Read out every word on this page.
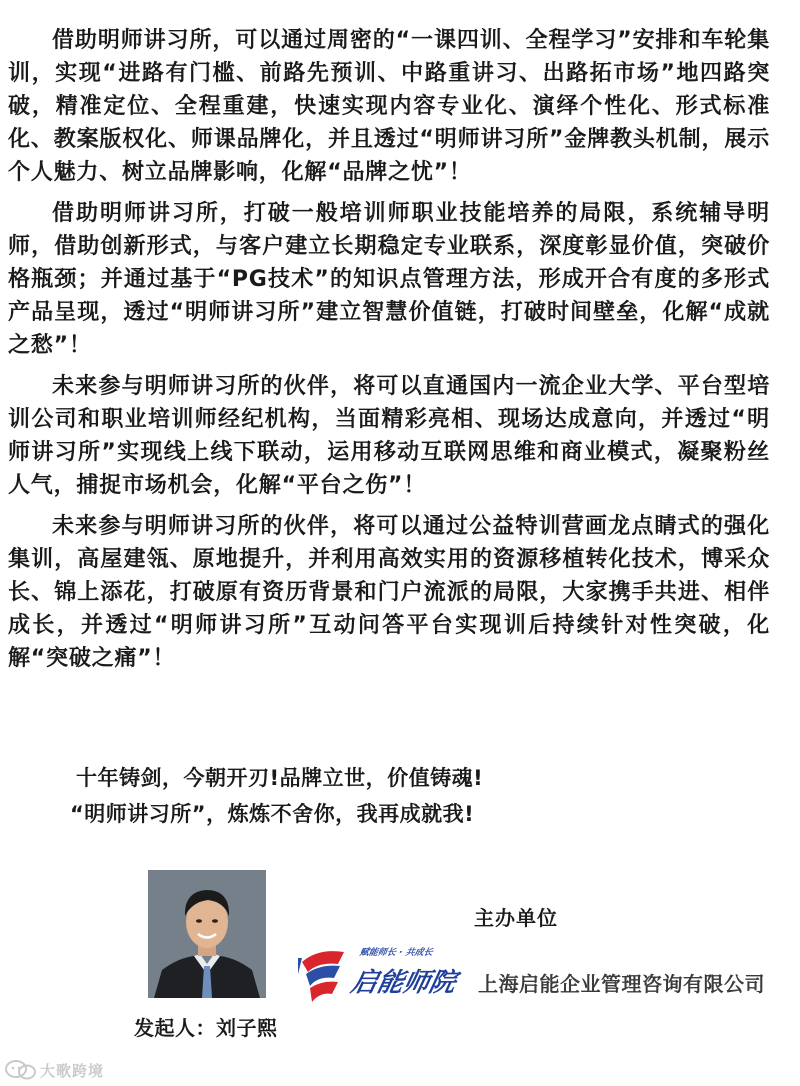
借助明师讲习所，可以通过周密的“一课四训、全程学习”安排和车轮集训，实现“进路有门槛、前路先预训、中路重讲习、出路拓市场”地四路突破，精准定位、全程重建，快速实现内容专业化、演绎个性化、形式标准化、教案版权化、师课品牌化，并且透过“明师讲习所”金牌教头机制，展示个人魅力、树立品牌影响，化解“品牌之忧”！

借助明师讲习所，打破一般培训师职业技能培养的局限，系统辅导明师，借助创新形式，与客户建立长期稳定专业联系，深度彰显价值，突破价格瓶颈；并通过基于“PG技术”的知识点管理方法，形成开合有度的多形式产品呈现，透过“明师讲习所”建立智慧价值链，打破时间壁垒，化解“成就之愁”！

未来参与明师讲习所的伙伴，将可以直通国内一流企业大学、平台型培训公司和职业培训师经纪机构，当面精彩亮相、现场达成意向，并透过“明师讲习所”实现线上线下联动，运用移动互联网思维和商业模式，凝聚粉丝人气，捕捉市场机会，化解“平台之伤”！

未来参与明师讲习所的伙伴，将可以通过公益特训营画龙点睛式的强化集训，高屋建瓴、原地提升，并利用高效实用的资源移植转化技术，博采众长、锦上添花，打破原有资历背景和门户流派的局限，大家携手共进、相伴成长，并透过“明师讲习所”互动问答平台实现训后持续针对性突破，化解“突破之痛”！

十年铸剑，今朝开刃!品牌立世，价值铸魂!
“明师讲习所”，炼炼不舍你，我再成就我!
发起人：刘子熙
主办单位
赋能师长 · 共成长
启能师院 上海启能企业管理咨询有限公司
大歌跨境
